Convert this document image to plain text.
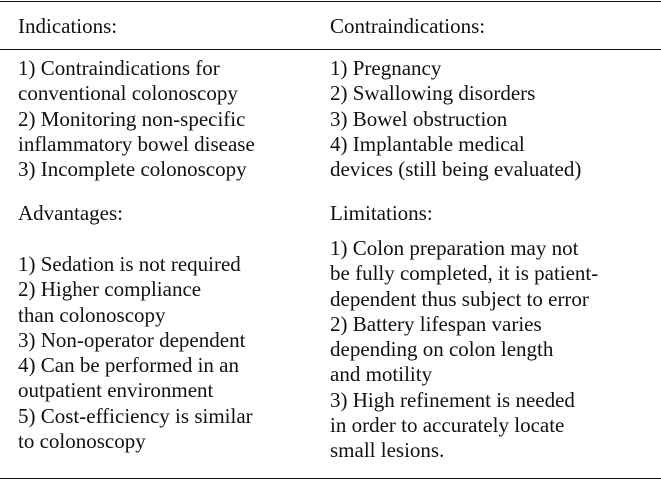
Indications:	Contraindications:
1) Contraindications for
conventional colonoscopy
2) Monitoring non-specific
inflammatory bowel disease
3) Incomplete colonoscopy
1) Pregnancy
2) Swallowing disorders
3) Bowel obstruction
4) Implantable medical
devices (still being evaluated)
Advantages:	Limitations:
1) Sedation is not required
2) Higher compliance
than colonoscopy
3) Non-operator dependent
4) Can be performed in an
outpatient environment
5) Cost-efficiency is similar
to colonoscopy
1) Colon preparation may not
be fully completed, it is patient-
dependent thus subject to error
2) Battery lifespan varies
depending on colon length
and motility
3) High refinement is needed
in order to accurately locate
small lesions.
